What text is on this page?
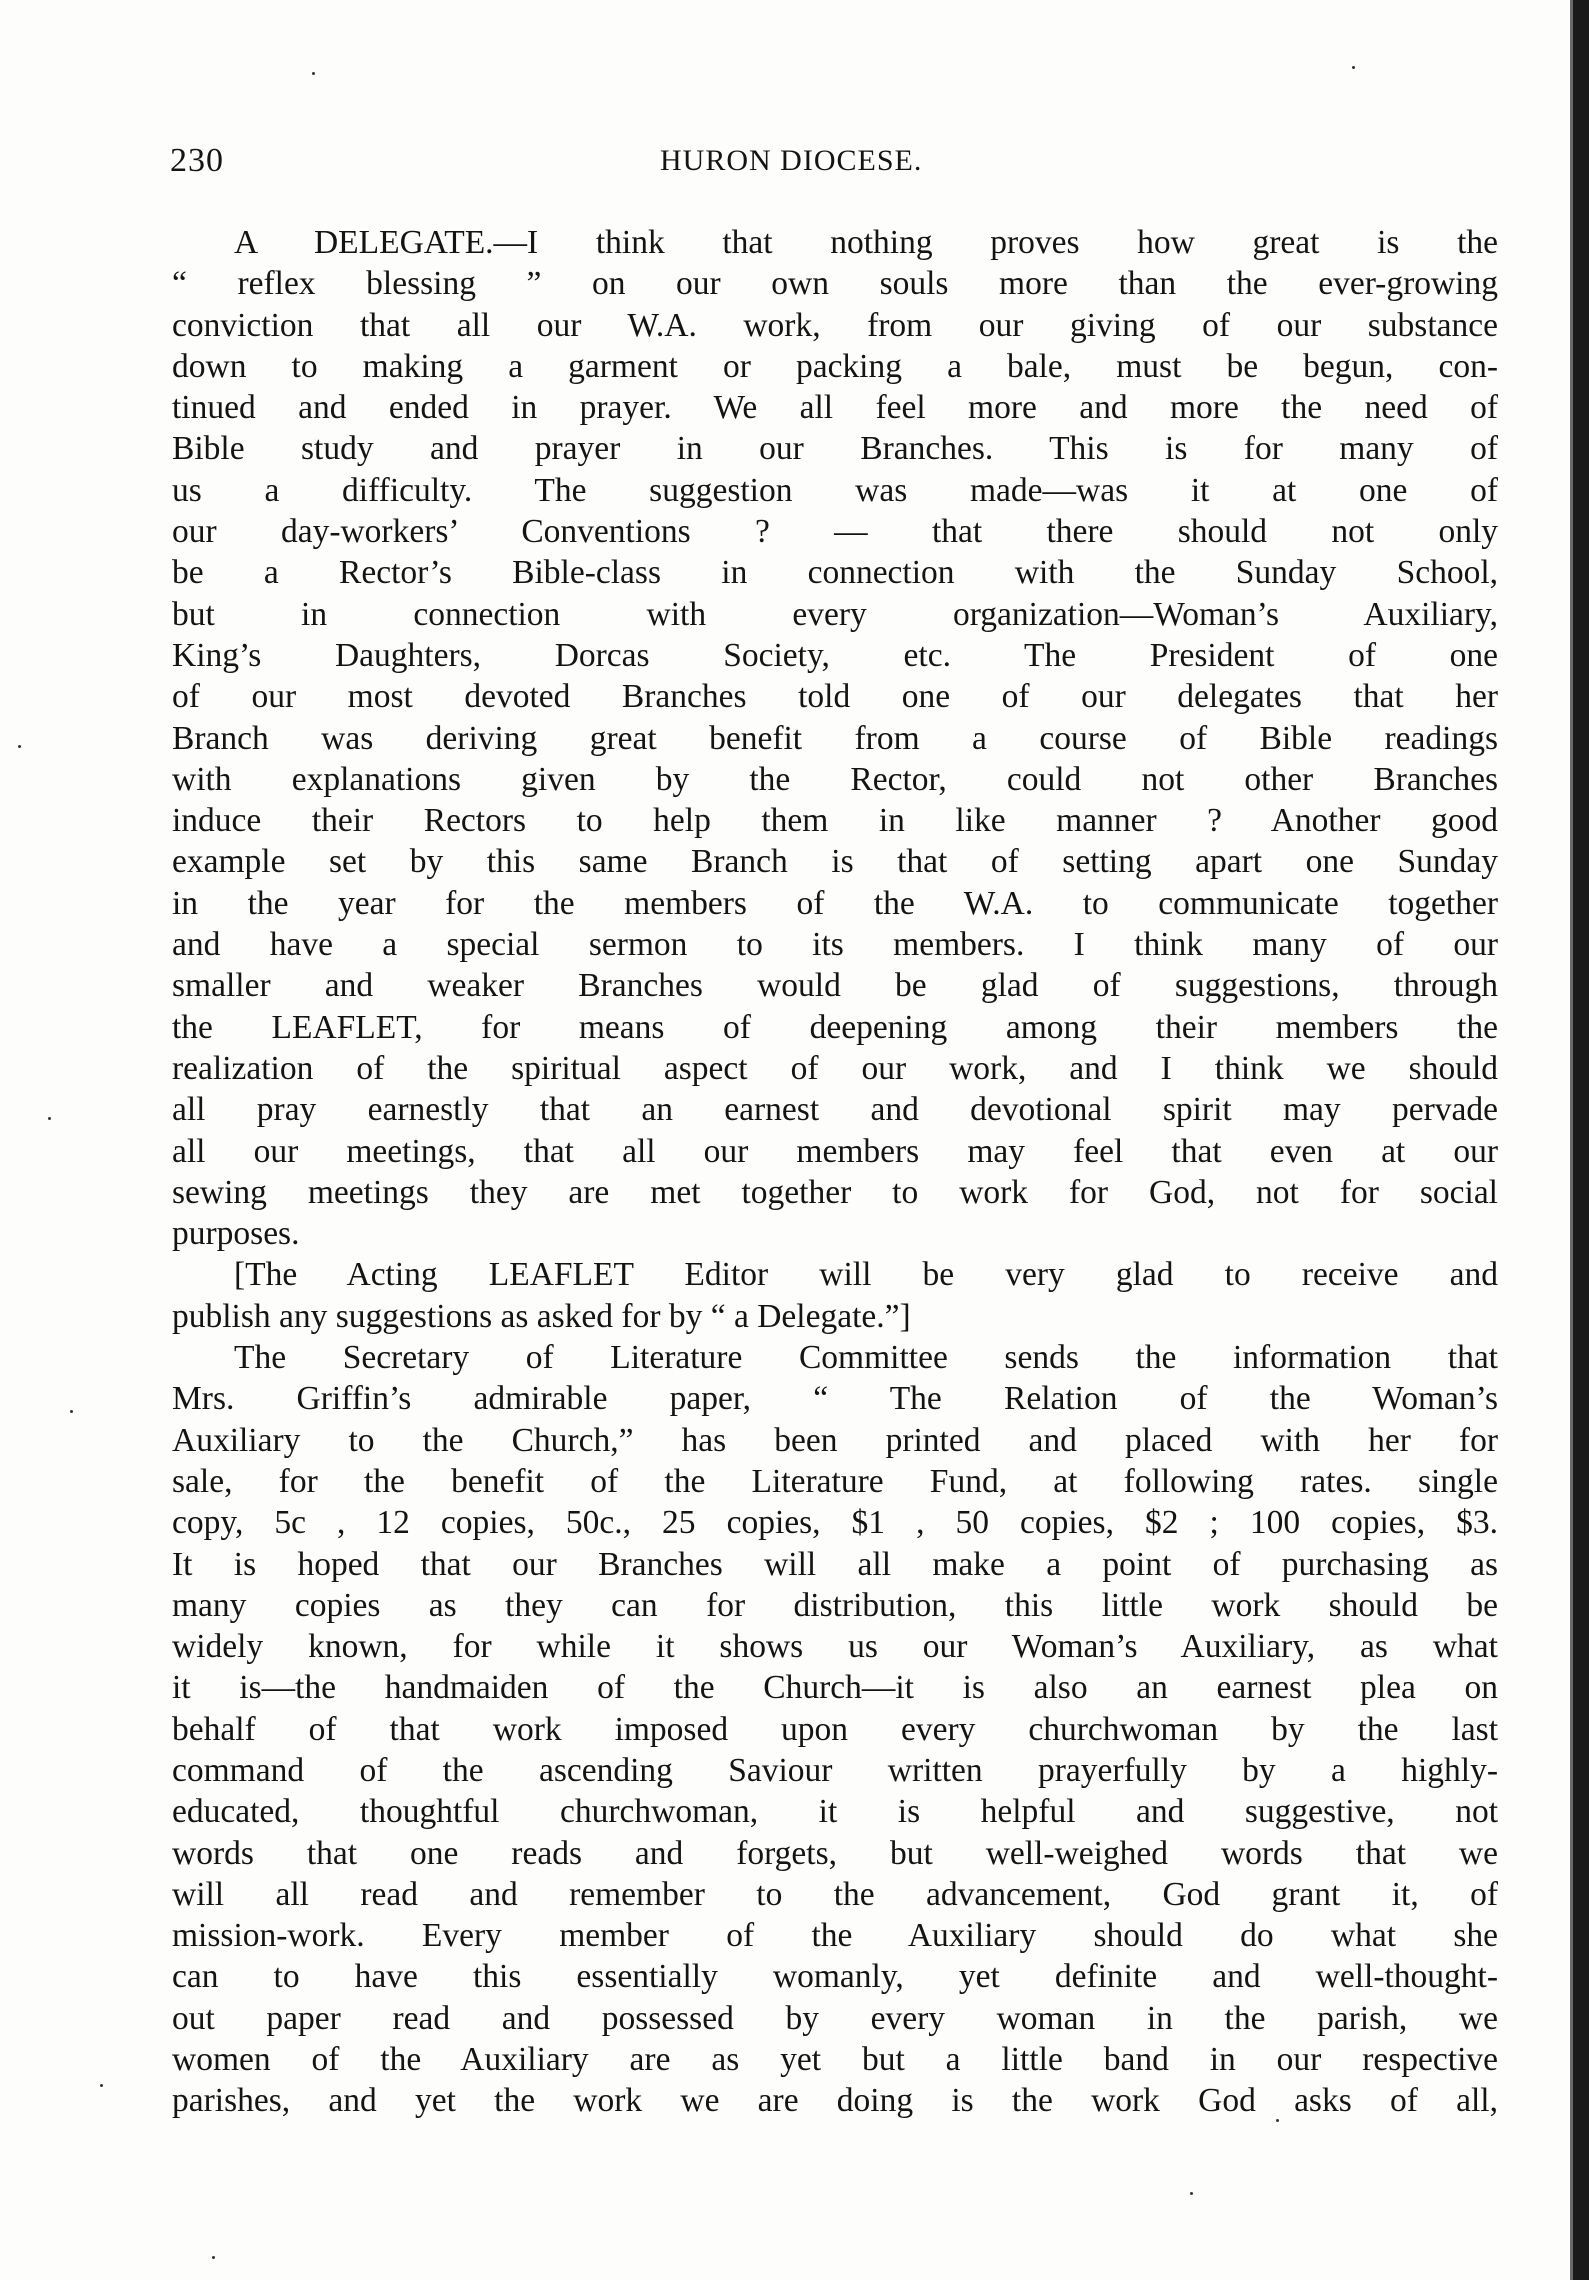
230	HURON DIOCESE.
A DELEGATE.—I think that nothing proves how great is the
“ reflex blessing ” on our own souls more than the ever-growing
conviction that all our W.A. work, from our giving of our substance
down to making a garment or packing a bale, must be begun, con-
tinued and ended in prayer. We all feel more and more the need of
Bible study and prayer in our Branches. This is for many of
us a difficulty. The suggestion was made—was it at one of
our day-workers’ Conventions ? — that there should not only
be a Rector’s Bible-class in connection with the Sunday School,
but in connection with every organization—Woman’s Auxiliary,
King’s Daughters, Dorcas Society, etc. The President of one
of our most devoted Branches told one of our delegates that her
Branch was deriving great benefit from a course of Bible readings
with explanations given by the Rector, could not other Branches
induce their Rectors to help them in like manner ? Another good
example set by this same Branch is that of setting apart one Sunday
in the year for the members of the W.A. to communicate together
and have a special sermon to its members. I think many of our
smaller and weaker Branches would be glad of suggestions, through
the LEAFLET, for means of deepening among their members the
realization of the spiritual aspect of our work, and I think we should
all pray earnestly that an earnest and devotional spirit may pervade
all our meetings, that all our members may feel that even at our
sewing meetings they are met together to work for God, not for social
purposes.
[The Acting LEAFLET Editor will be very glad to receive and
publish any suggestions as asked for by “ a Delegate.”]
The Secretary of Literature Committee sends the information that
Mrs. Griffin’s admirable paper, “ The Relation of the Woman’s
Auxiliary to the Church,” has been printed and placed with her for
sale, for the benefit of the Literature Fund, at following rates. single
copy, 5c , 12 copies, 50c., 25 copies, $1 , 50 copies, $2 ; 100 copies, $3.
It is hoped that our Branches will all make a point of purchasing as
many copies as they can for distribution, this little work should be
widely known, for while it shows us our Woman’s Auxiliary, as what
it is—the handmaiden of the Church—it is also an earnest plea on
behalf of that work imposed upon every churchwoman by the last
command of the ascending Saviour written prayerfully by a highly-
educated, thoughtful churchwoman, it is helpful and suggestive, not
words that one reads and forgets, but well-weighed words that we
will all read and remember to the advancement, God grant it, of
mission-work. Every member of the Auxiliary should do what she
can to have this essentially womanly, yet definite and well-thought-
out paper read and possessed by every woman in the parish, we
women of the Auxiliary are as yet but a little band in our respective
parishes, and yet the work we are doing is the work God asks of all,
